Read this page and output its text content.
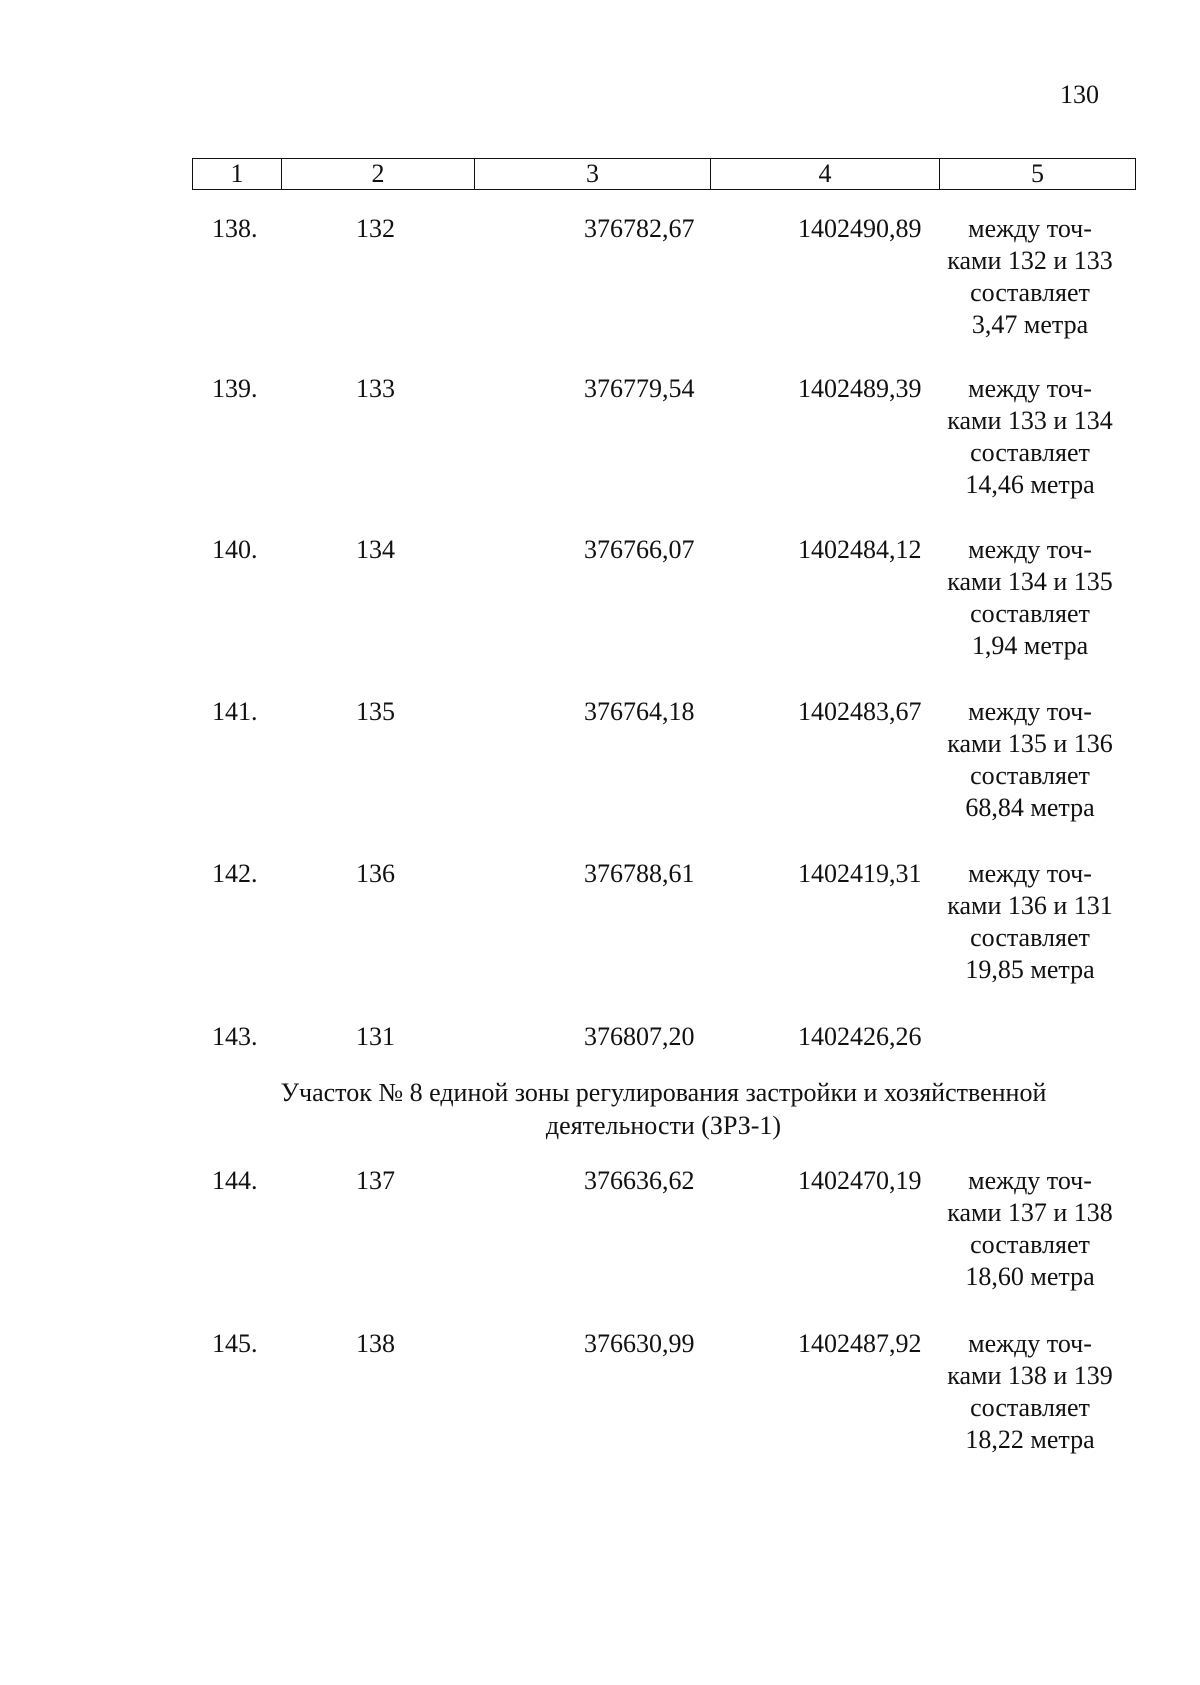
130
1	2	3	4	5
138.	132	376782,67	1402490,89	между точ-
ками 132 и 133
составляет
3,47 метра
139.	133	376779,54	1402489,39	между точ-
ками 133 и 134
составляет
14,46 метра
140.	134	376766,07	1402484,12	между точ-
ками 134 и 135
составляет
1,94 метра
141.	135	376764,18	1402483,67	между точ-
ками 135 и 136
составляет
68,84 метра
142.	136	376788,61	1402419,31	между точ-
ками 136 и 131
составляет
19,85 метра
143.	131	376807,20	1402426,26
Участок № 8 единой зоны регулирования застройки и хозяйственной
деятельности (ЗРЗ-1)
144.	137	376636,62	1402470,19	между точ-
ками 137 и 138
составляет
18,60 метра
145.	138	376630,99	1402487,92	между точ-
ками 138 и 139
составляет
18,22 метра
